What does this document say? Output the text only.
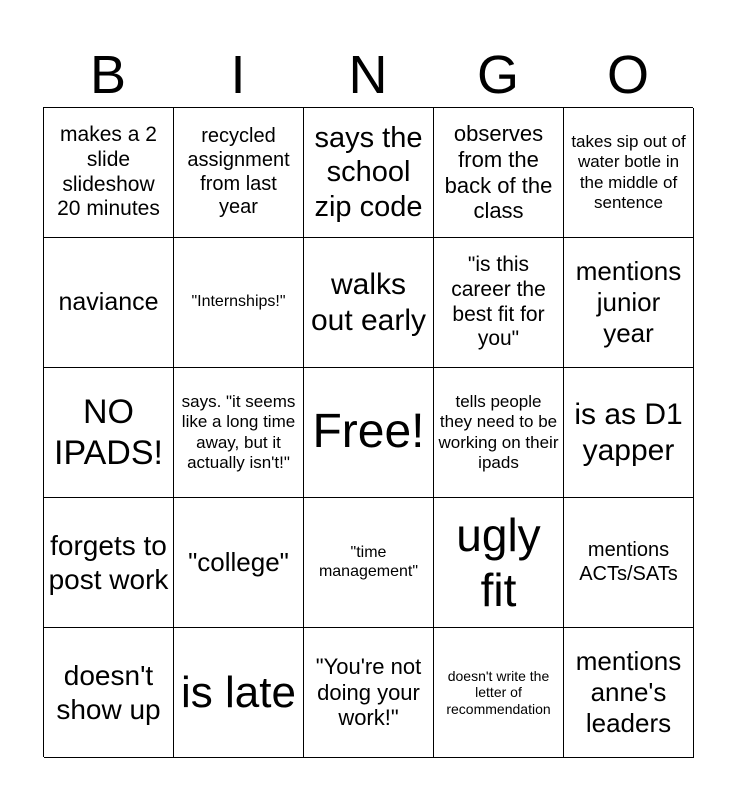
B	I	N	G	O
makes a 2 slide slideshow 20 minutes
recycled assignment from last year
says the school zip code
observes from the back of the class
takes sip out of water botle in the middle of sentence
naviance	"Internships!"
walks out early
"is this career the best fit for you"
mentions junior year
NO IPADS!
says. "it seems like a long time away, but it actually isn't!"
Free!
tells people they need to be working on their ipads
is as D1 yapper
forgets to post work
"college"	"time management"
ugly fit
mentions ACTs/SATs
doesn't show up is late
"You're not doing your work!"
doesn't write the letter of recommendation
mentions anne's leaders
